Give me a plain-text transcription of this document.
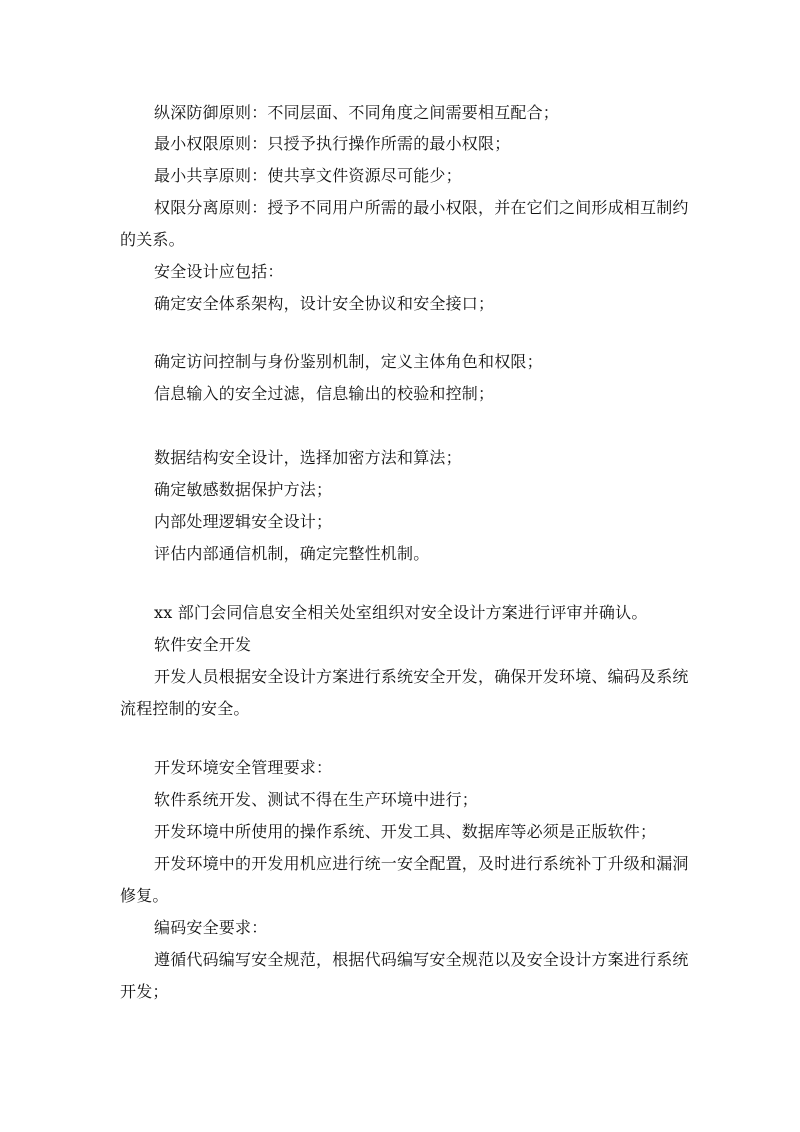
纵深防御原则：不同层面、不同角度之间需要相互配合；
最小权限原则：只授予执行操作所需的最小权限；
最小共享原则：使共享文件资源尽可能少；
权限分离原则：授予不同用户所需的最小权限，并在它们之间形成相互制约
的关系。
安全设计应包括：
确定安全体系架构，设计安全协议和安全接口；
确定访问控制与身份鉴别机制，定义主体角色和权限；
信息输入的安全过滤，信息输出的校验和控制；
数据结构安全设计，选择加密方法和算法；
确定敏感数据保护方法；
内部处理逻辑安全设计；
评估内部通信机制，确定完整性机制。
xx 部门会同信息安全相关处室组织对安全设计方案进行评审并确认。
软件安全开发
开发人员根据安全设计方案进行系统安全开发，确保开发环境、编码及系统
流程控制的安全。
开发环境安全管理要求：
软件系统开发、测试不得在生产环境中进行；
开发环境中所使用的操作系统、开发工具、数据库等必须是正版软件；
开发环境中的开发用机应进行统一安全配置，及时进行系统补丁升级和漏洞
修复。
编码安全要求：
遵循代码编写安全规范，根据代码编写安全规范以及安全设计方案进行系统
开发；
